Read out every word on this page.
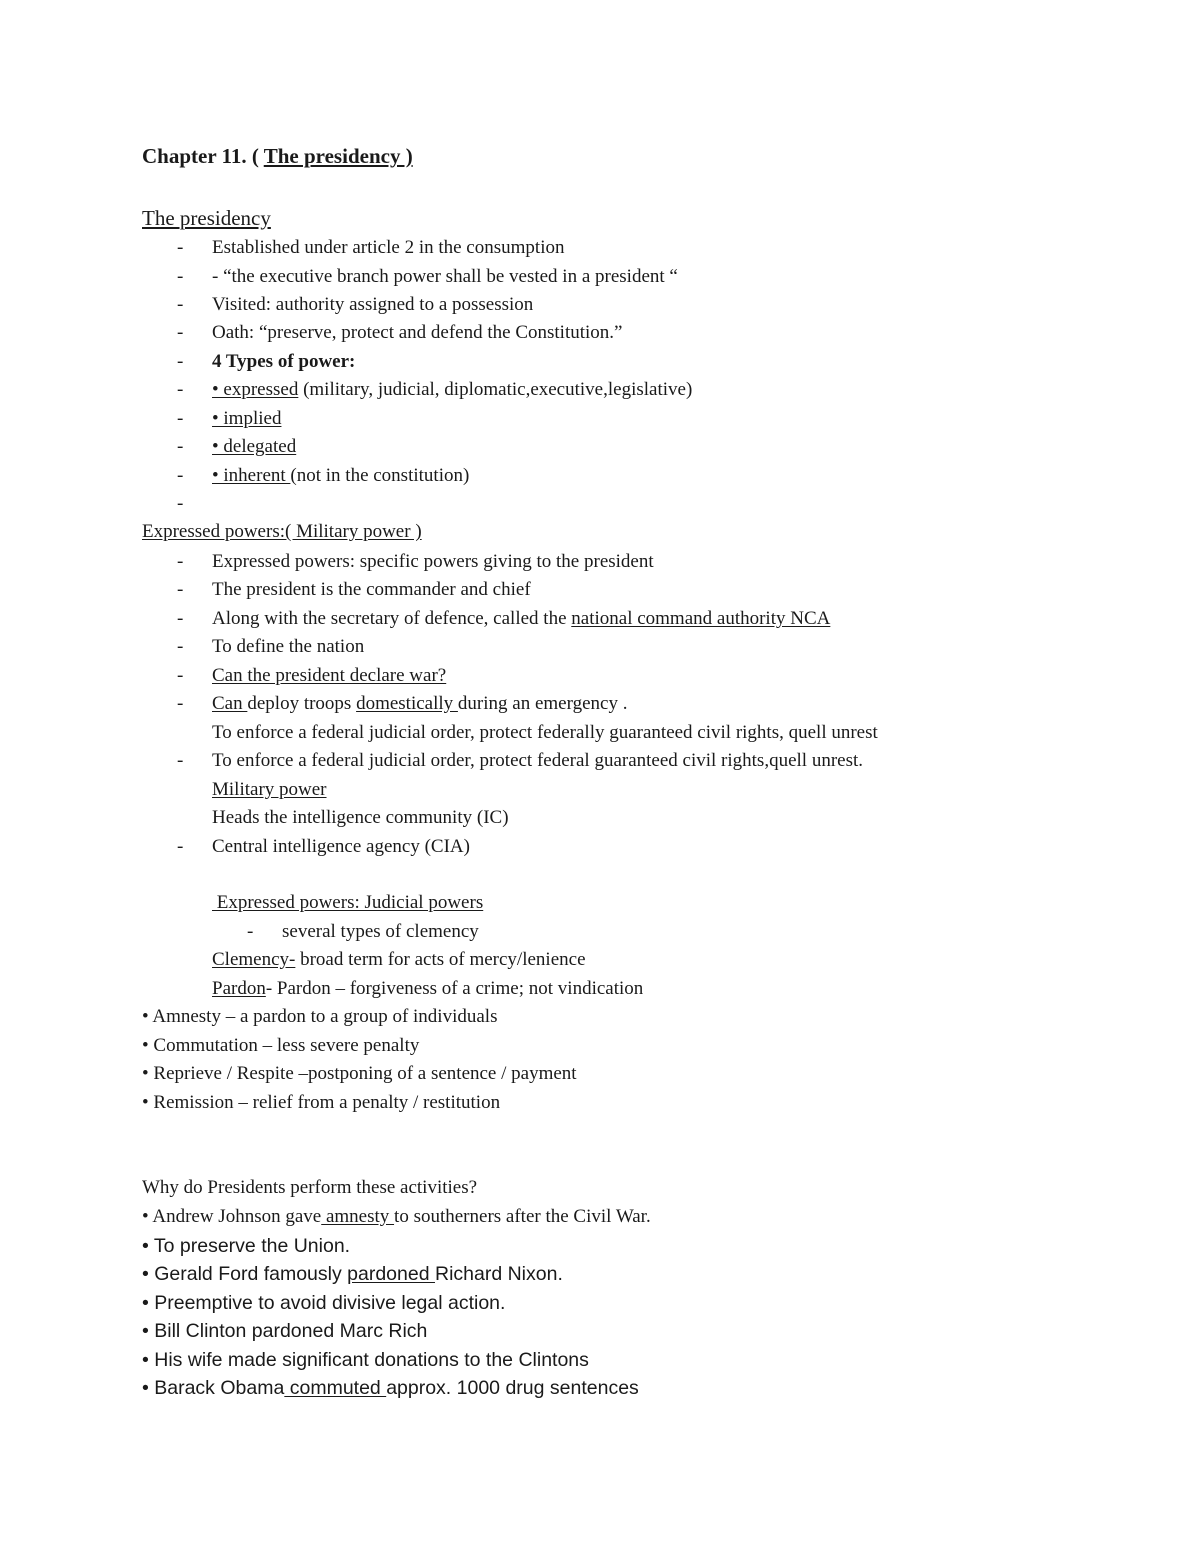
Chapter 11. ( The presidency )
The presidency
- Established under article 2 in the consumption
- - “the executive branch power shall be vested in a president “
- Visited: authority assigned to a possession
- Oath: “preserve, protect and defend the Constitution.”
- 4 Types of power:
- • expressed (military, judicial, diplomatic,executive,legislative)
- • implied
- • delegated
- • inherent (not in the constitution)
-
Expressed powers:( Military power )
- Expressed powers: specific powers giving to the president
- The president is the commander and chief
- Along with the secretary of defence, called the national command authority NCA
- To define the nation
- Can the president declare war?
- Can deploy troops domestically during an emergency .
To enforce a federal judicial order, protect federally guaranteed civil rights, quell unrest
- To enforce a federal judicial order, protect federal guaranteed civil rights,quell unrest.
Military power
Heads the intelligence community (IC)
- Central intelligence agency (CIA)
Expressed powers: Judicial powers
- several types of clemency
Clemency- broad term for acts of mercy/lenience
Pardon- Pardon – forgiveness of a crime; not vindication
• Amnesty – a pardon to a group of individuals
• Commutation – less severe penalty
• Reprieve / Respite –postponing of a sentence / payment
• Remission – relief from a penalty / restitution
Why do Presidents perform these activities?
• Andrew Johnson gave amnesty to southerners after the Civil War.
• To preserve the Union.
• Gerald Ford famously pardoned Richard Nixon.
• Preemptive to avoid divisive legal action.
• Bill Clinton pardoned Marc Rich
• His wife made significant donations to the Clintons
• Barack Obama commuted approx. 1000 drug sentences
